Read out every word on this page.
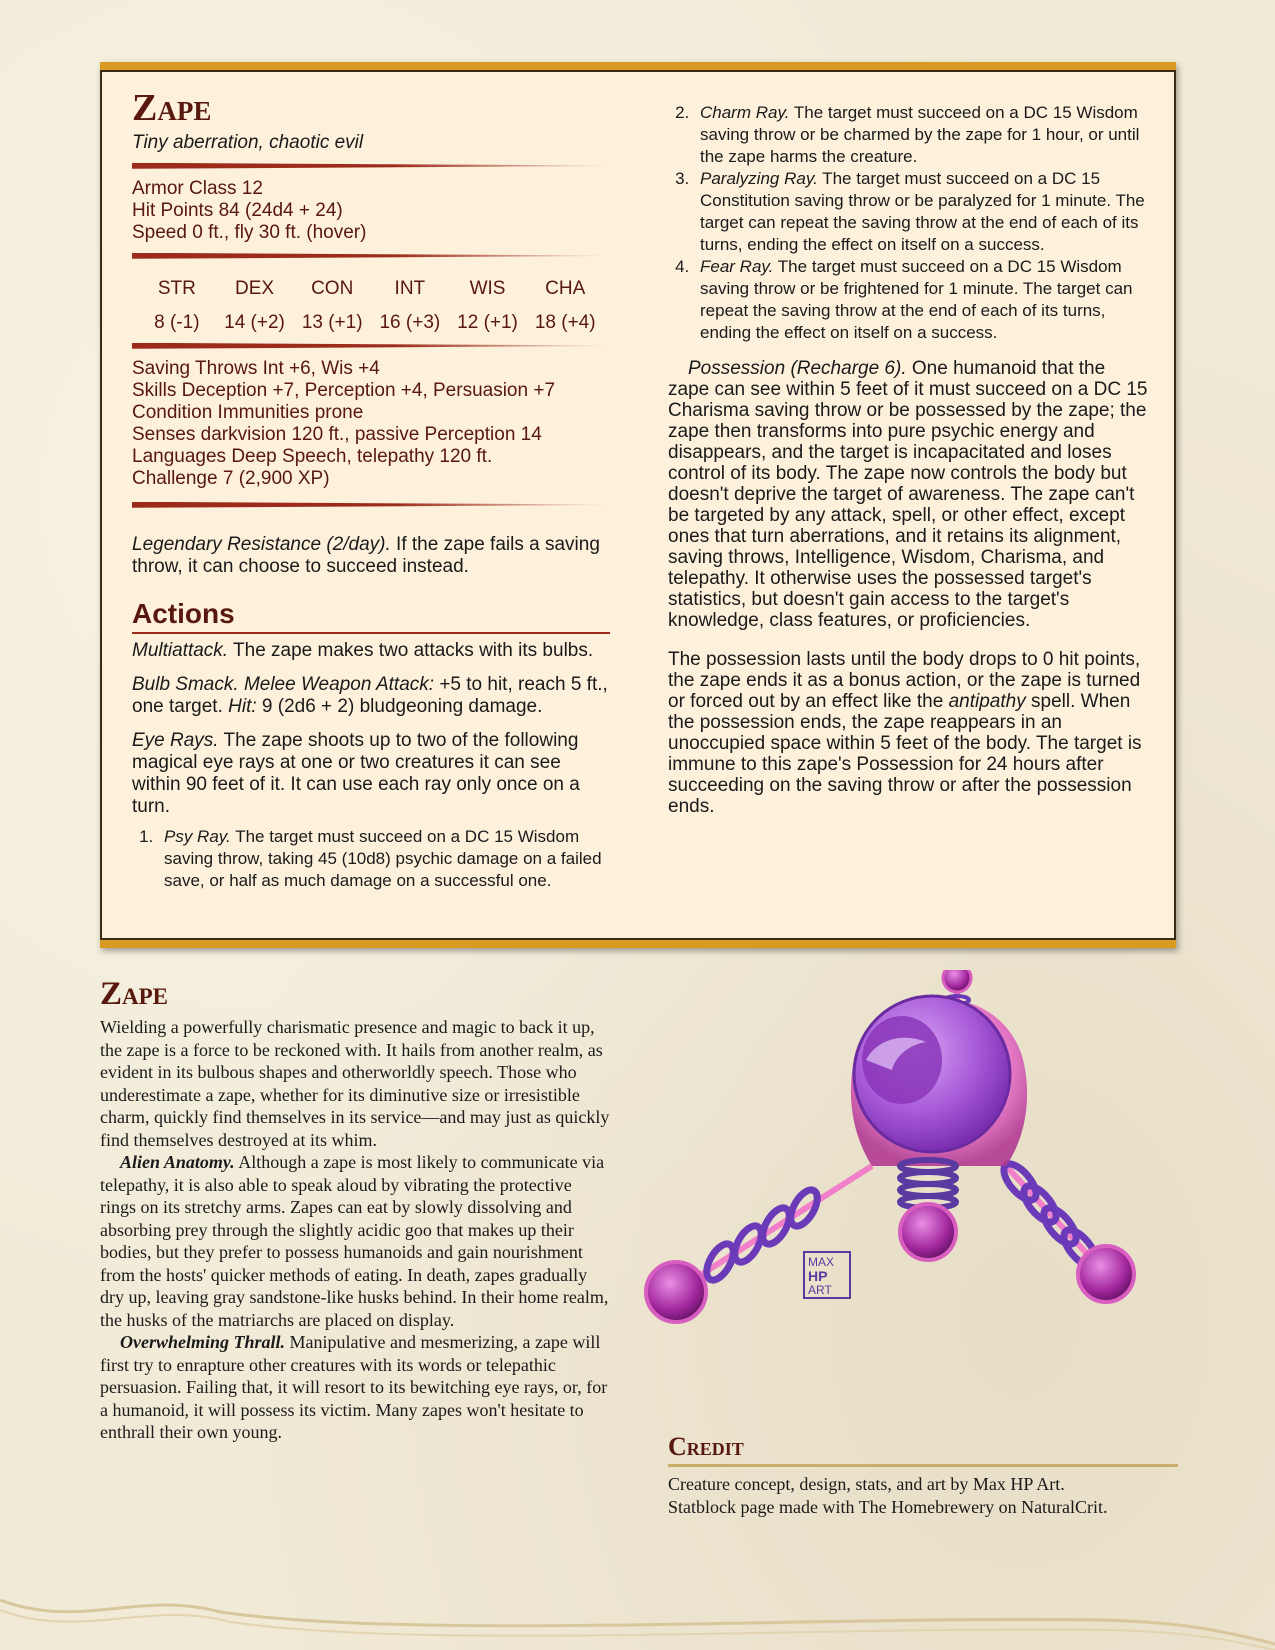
Zape
Tiny aberration, chaotic evil
Armor Class 12
Hit Points 84 (24d4 + 24)
Speed 0 ft., fly 30 ft. (hover)
STR
8 (-1)
DEX
14 (+2)
CON
13 (+1)
INT
16 (+3)
WIS
12 (+1)
CHA
18 (+4)
Saving Throws Int +6, Wis +4
Skills Deception +7, Perception +4, Persuasion +7
Condition Immunities prone
Senses darkvision 120 ft., passive Perception 14
Languages Deep Speech, telepathy 120 ft.
Challenge 7 (2,900 XP)

Legendary Resistance (2/day). If the zape fails a saving throw, it can choose to succeed instead.

Actions

Multiattack. The zape makes two attacks with its bulbs.

Bulb Smack. Melee Weapon Attack: +5 to hit, reach 5 ft., one target. Hit: 9 (2d6 + 2) bludgeoning damage.

Eye Rays. The zape shoots up to two of the following magical eye rays at one or two creatures it can see within 90 feet of it. It can use each ray only once on a turn.

1. Psy Ray. The target must succeed on a DC 15 Wisdom saving throw, taking 45 (10d8) psychic damage on a failed save, or half as much damage on a successful one.
2. Charm Ray. The target must succeed on a DC 15 Wisdom saving throw or be charmed by the zape for 1 hour, or until the zape harms the creature.
3. Paralyzing Ray. The target must succeed on a DC 15 Constitution saving throw or be paralyzed for 1 minute. The target can repeat the saving throw at the end of each of its turns, ending the effect on itself on a success.
4. Fear Ray. The target must succeed on a DC 15 Wisdom saving throw or be frightened for 1 minute. The target can repeat the saving throw at the end of each of its turns, ending the effect on itself on a success.

Possession (Recharge 6). One humanoid that the zape can see within 5 feet of it must succeed on a DC 15 Charisma saving throw or be possessed by the zape; the zape then transforms into pure psychic energy and disappears, and the target is incapacitated and loses control of its body. The zape now controls the body but doesn't deprive the target of awareness. The zape can't be targeted by any attack, spell, or other effect, except ones that turn aberrations, and it retains its alignment, saving throws, Intelligence, Wisdom, Charisma, and telepathy. It otherwise uses the possessed target's statistics, but doesn't gain access to the target's knowledge, class features, or proficiencies.

The possession lasts until the body drops to 0 hit points, the zape ends it as a bonus action, or the zape is turned or forced out by an effect like the antipathy spell. When the possession ends, the zape reappears in an unoccupied space within 5 feet of the body. The target is immune to this zape's Possession for 24 hours after succeeding on the saving throw or after the possession ends.

Zape

Wielding a powerfully charismatic presence and magic to back it up, the zape is a force to be reckoned with. It hails from another realm, as evident in its bulbous shapes and otherworldly speech. Those who underestimate a zape, whether for its diminutive size or irresistible charm, quickly find themselves in its service—and may just as quickly find themselves destroyed at its whim.

Alien Anatomy. Although a zape is most likely to communicate via telepathy, it is also able to speak aloud by vibrating the protective rings on its stretchy arms. Zapes can eat by slowly dissolving and absorbing prey through the slightly acidic goo that makes up their bodies, but they prefer to possess humanoids and gain nourishment from the hosts' quicker methods of eating. In death, zapes gradually dry up, leaving gray sandstone-like husks behind. In their home realm, the husks of the matriarchs are placed on display.

Overwhelming Thrall. Manipulative and mesmerizing, a zape will first try to enrapture other creatures with its words or telepathic persuasion. Failing that, it will resort to its bewitching eye rays, or, for a humanoid, it will possess its victim. Many zapes won't hesitate to enthrall their own young.

MAX
HP
ART
Credit

Creature concept, design, stats, and art by Max HP Art.
Statblock page made with The Homebrewery on NaturalCrit.
